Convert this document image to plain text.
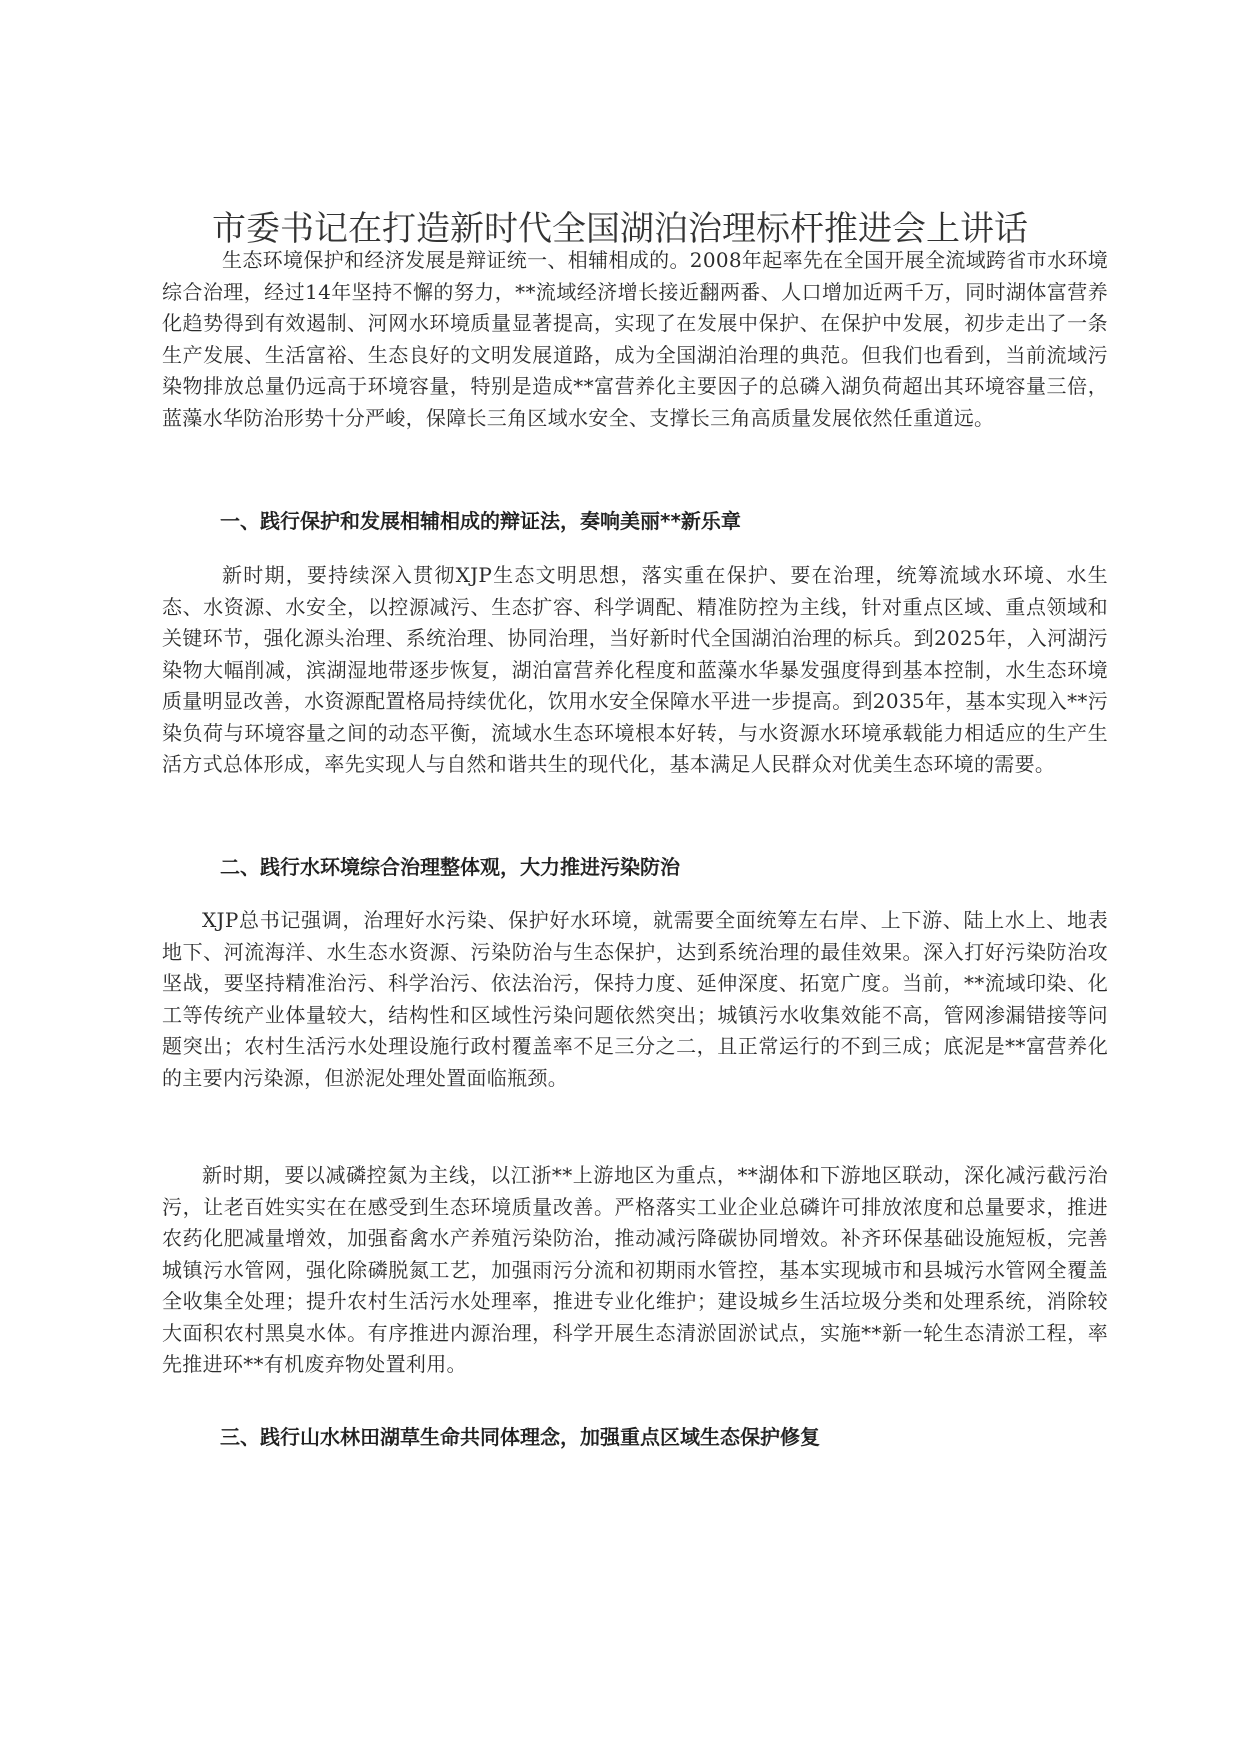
市委书记在打造新时代全国湖泊治理标杆推进会上讲话

生态环境保护和经济发展是辩证统一、相辅相成的。2008年起率先在全国开展全流域跨省市水环境综合治理，经过14年坚持不懈的努力，**流域经济增长接近翻两番、人口增加近两千万，同时湖体富营养化趋势得到有效遏制、河网水环境质量显著提高，实现了在发展中保护、在保护中发展，初步走出了一条生产发展、生活富裕、生态良好的文明发展道路，成为全国湖泊治理的典范。但我们也看到，当前流域污染物排放总量仍远高于环境容量，特别是造成**富营养化主要因子的总磷入湖负荷超出其环境容量三倍，蓝藻水华防治形势十分严峻，保障长三角区域水安全、支撑长三角高质量发展依然任重道远。

一、践行保护和发展相辅相成的辩证法，奏响美丽**新乐章

新时期，要持续深入贯彻XJP生态文明思想，落实重在保护、要在治理，统筹流域水环境、水生态、水资源、水安全，以控源减污、生态扩容、科学调配、精准防控为主线，针对重点区域、重点领域和关键环节，强化源头治理、系统治理、协同治理，当好新时代全国湖泊治理的标兵。到2025年，入河湖污染物大幅削减，滨湖湿地带逐步恢复，湖泊富营养化程度和蓝藻水华暴发强度得到基本控制，水生态环境质量明显改善，水资源配置格局持续优化，饮用水安全保障水平进一步提高。到2035年，基本实现入**污染负荷与环境容量之间的动态平衡，流域水生态环境根本好转，与水资源水环境承载能力相适应的生产生活方式总体形成，率先实现人与自然和谐共生的现代化，基本满足人民群众对优美生态环境的需要。

二、践行水环境综合治理整体观，大力推进污染防治

XJP总书记强调，治理好水污染、保护好水环境，就需要全面统筹左右岸、上下游、陆上水上、地表地下、河流海洋、水生态水资源、污染防治与生态保护，达到系统治理的最佳效果。深入打好污染防治攻坚战，要坚持精准治污、科学治污、依法治污，保持力度、延伸深度、拓宽广度。当前，**流域印染、化工等传统产业体量较大，结构性和区域性污染问题依然突出；城镇污水收集效能不高，管网渗漏错接等问题突出；农村生活污水处理设施行政村覆盖率不足三分之二，且正常运行的不到三成；底泥是**富营养化的主要内污染源，但淤泥处理处置面临瓶颈。

新时期，要以减磷控氮为主线，以江浙**上游地区为重点，**湖体和下游地区联动，深化减污截污治污，让老百姓实实在在感受到生态环境质量改善。严格落实工业企业总磷许可排放浓度和总量要求，推进农药化肥减量增效，加强畜禽水产养殖污染防治，推动减污降碳协同增效。补齐环保基础设施短板，完善城镇污水管网，强化除磷脱氮工艺，加强雨污分流和初期雨水管控，基本实现城市和县城污水管网全覆盖全收集全处理；提升农村生活污水处理率，推进专业化维护；建设城乡生活垃圾分类和处理系统，消除较大面积农村黑臭水体。有序推进内源治理，科学开展生态清淤固淤试点，实施**新一轮生态清淤工程，率先推进环**有机废弃物处置利用。

三、践行山水林田湖草生命共同体理念，加强重点区域生态保护修复
